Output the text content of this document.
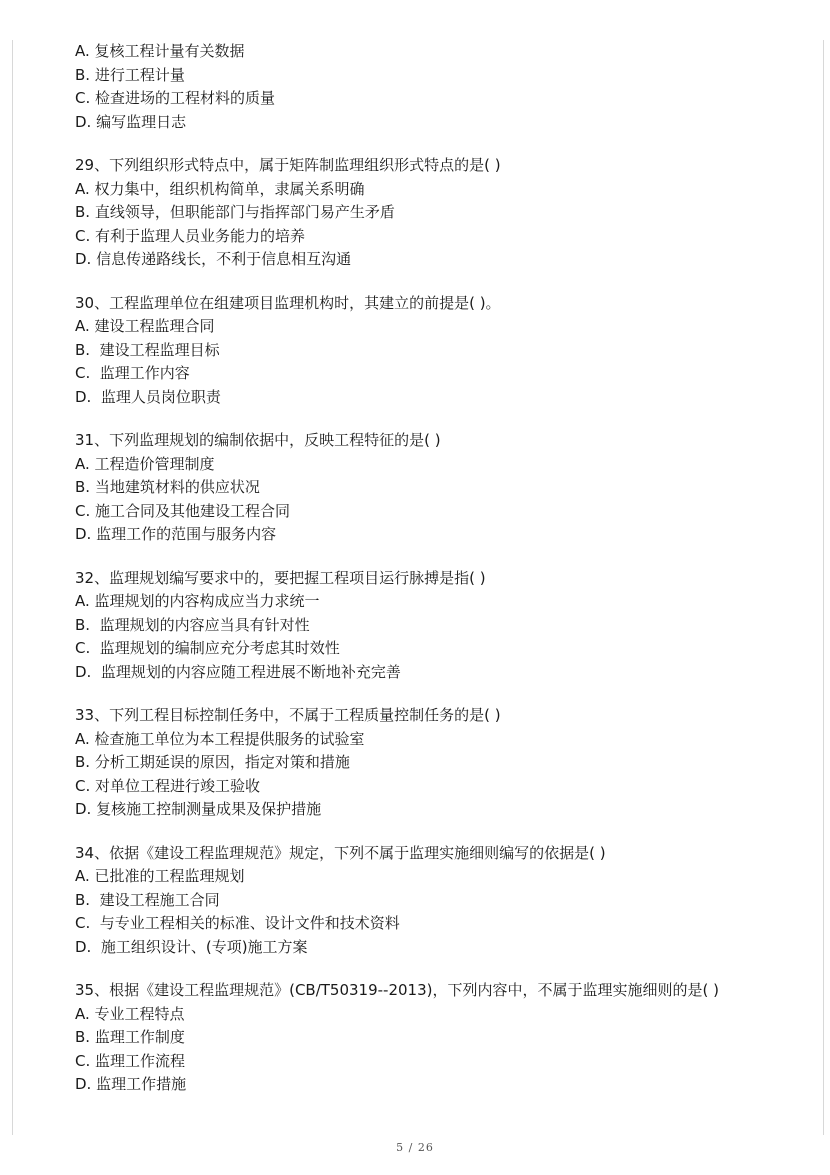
A. 复核工程计量有关数据
B. 进行工程计量
C. 检查进场的工程材料的质量
D. 编写监理日志
29、下列组织形式特点中，属于矩阵制监理组织形式特点的是( )
A. 权力集中，组织机构简单，隶属关系明确
B. 直线领导，但职能部门与指挥部门易产生矛盾
C. 有利于监理人员业务能力的培养
D. 信息传递路线长，不利于信息相互沟通
30、工程监理单位在组建项目监理机构时，其建立的前提是( )。
A. 建设工程监理合同
B.  建设工程监理目标
C.  监理工作内容
D.  监理人员岗位职责
31、下列监理规划的编制依据中，反映工程特征的是( )
A. 工程造价管理制度
B. 当地建筑材料的供应状况
C. 施工合同及其他建设工程合同
D. 监理工作的范围与服务内容
32、监理规划编写要求中的，要把握工程项目运行脉搏是指( )
A. 监理规划的内容构成应当力求统一
B.  监理规划的内容应当具有针对性
C.  监理规划的编制应充分考虑其时效性
D.  监理规划的内容应随工程进展不断地补充完善
33、下列工程目标控制任务中，不属于工程质量控制任务的是( )
A. 检查施工单位为本工程提供服务的试验室
B. 分析工期延误的原因，指定对策和措施
C. 对单位工程进行竣工验收
D. 复核施工控制测量成果及保护措施
34、依据《建设工程监理规范》规定，下列不属于监理实施细则编写的依据是( )
A. 已批准的工程监理规划
B.  建设工程施工合同
C.  与专业工程相关的标准、设计文件和技术资料
D.  施工组织设计、(专项)施工方案
35、根据《建设工程监理规范》(CB/T50319--2013)，下列内容中，不属于监理实施细则的是( )
A. 专业工程特点
B. 监理工作制度
C. 监理工作流程
D. 监理工作措施
5 / 26
